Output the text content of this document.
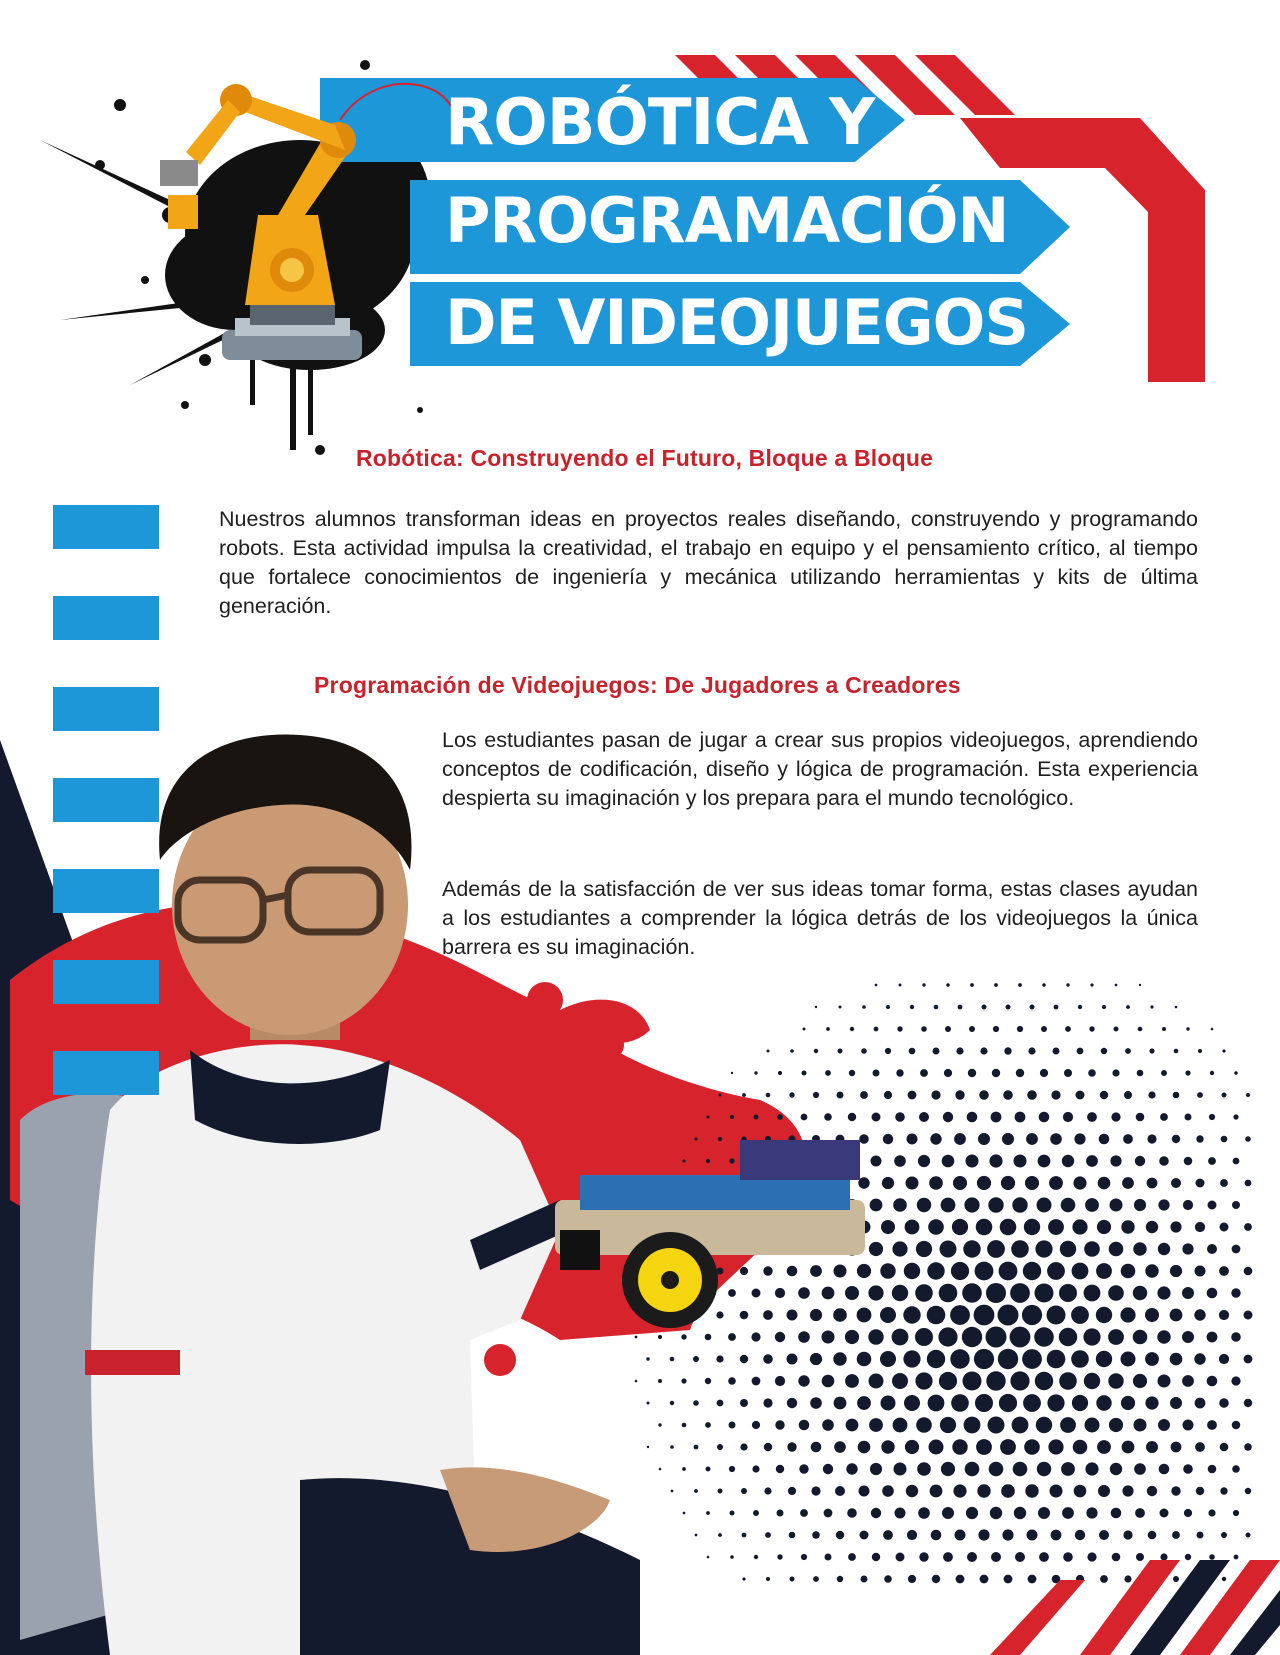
ROBÓTICA Y
PROGRAMACIÓN
DE VIDEOJUEGOS
Robótica: Construyendo el Futuro, Bloque a Bloque

Nuestros alumnos transforman ideas en proyectos reales diseñando, construyendo y programando robots. Esta actividad impulsa la creatividad, el trabajo en equipo y el pensamiento crítico, al tiempo que fortalece conocimientos de ingeniería y mecánica utilizando herramientas y kits de última generación.

Programación de Videojuegos: De Jugadores a Creadores

Los estudiantes pasan de jugar a crear sus propios videojuegos, aprendiendo conceptos de codificación, diseño y lógica de programación. Esta experiencia despierta su imaginación y los prepara para el mundo tecnológico.

Además de la satisfacción de ver sus ideas tomar forma, estas clases ayudan a los estudiantes a comprender la lógica detrás de los videojuegos la única barrera es su imaginación.
